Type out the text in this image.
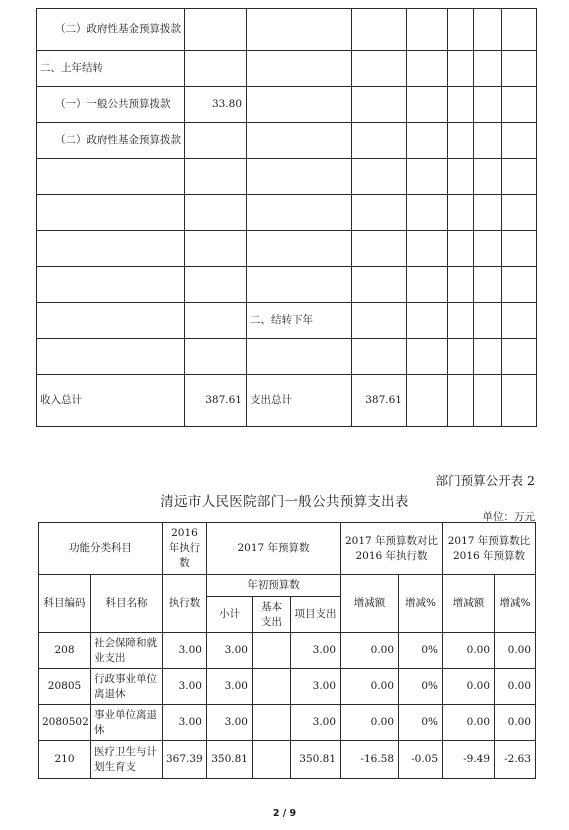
（二）政府性基金预算拨款							
二、上年结转							
（一）一般公共预算拨款	33.80						
（二）政府性基金预算拨款							

		二、结转下年					

收入总计	387.61	支出总计	387.61				
部门预算公开表 2
清远市人民医院部门一般公共预算支出表
单位：万元
功能分类科目		2016 年执行数	2017 年预算数			2017 年预算数对比 2016 年执行数		2017 年预算数比 2016 年预算数	
科目编码	科目名称	执行数	年初预算数			增减额	增减%	增减额	增减%
			小计	基本支出	项目支出				
208	社会保障和就业支出	3.00	3.00		3.00	0.00	0%	0.00	0.00
20805	行政事业单位离退休	3.00	3.00		3.00	0.00	0%	0.00	0.00
2080502	事业单位离退休	3.00	3.00		3.00	0.00	0%	0.00	0.00
210	医疗卫生与计划生育支	367.39	350.81		350.81	-16.58	-0.05	-9.49	-2.63
2 / 9
